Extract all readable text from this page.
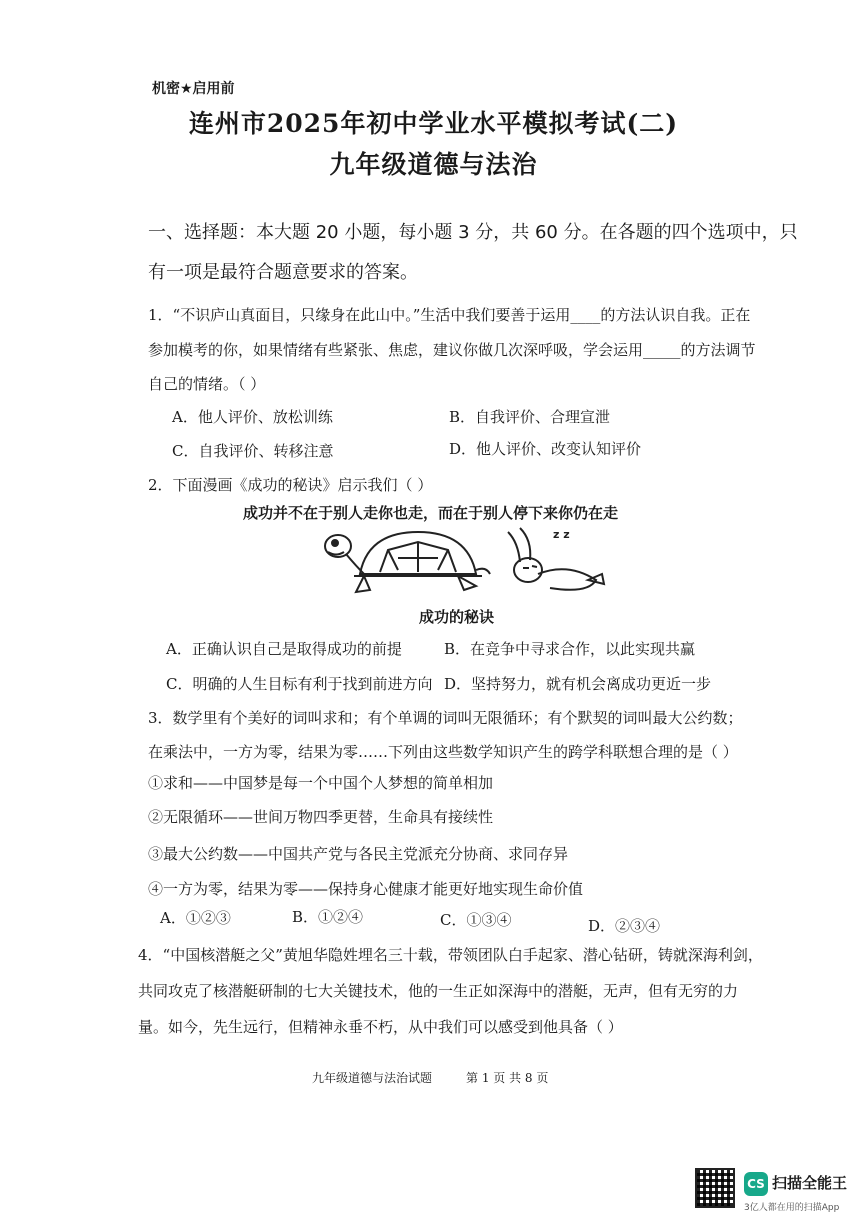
机密★启用前
连州市2025年初中学业水平模拟考试(二)
九年级道德与法治
一、选择题：本大题 20 小题，每小题 3 分，共 60 分。在各题的四个选项中，只
有一项是最符合题意要求的答案。
1．“不识庐山真面目，只缘身在此山中。”生活中我们要善于运用____的方法认识自我。正在
参加模考的你，如果情绪有些紧张、焦虑，建议你做几次深呼吸，学会运用_____的方法调节
自己的情绪。（ ）
A．他人评价、放松训练	B．自我评价、合理宣泄
C．自我评价、转移注意	D．他人评价、改变认知评价
2．下面漫画《成功的秘诀》启示我们（ ）
成功并不在于别人走你也走，而在于别人停下来你仍在走
z z
成功的秘诀
A．正确认识自己是取得成功的前提	B．在竞争中寻求合作，以此实现共赢
C．明确的人生目标有利于找到前进方向 D．坚持努力，就有机会离成功更近一步
3．数学里有个美好的词叫求和；有个单调的词叫无限循环；有个默契的词叫最大公约数；
在乘法中，一方为零，结果为零……下列由这些数学知识产生的跨学科联想合理的是（ ）
①求和——中国梦是每一个中国个人梦想的简单相加
②无限循环——世间万物四季更替，生命具有接续性
③最大公约数——中国共产党与各民主党派充分协商、求同存异
④一方为零，结果为零——保持身心健康才能更好地实现生命价值
A．①②③	B．①②④	C．①③④	D．②③④
4．“中国核潜艇之父”黄旭华隐姓埋名三十载，带领团队白手起家、潜心钻研，铸就深海利剑，
共同攻克了核潜艇研制的七大关键技术，他的一生正如深海中的潜艇，无声，但有无穷的力
量。如今，先生远行，但精神永垂不朽，从中我们可以感受到他具备（ ）
九年级道德与法治试题	第 1 页 共 8 页
CS 扫描全能王
3亿人都在用的扫描App
